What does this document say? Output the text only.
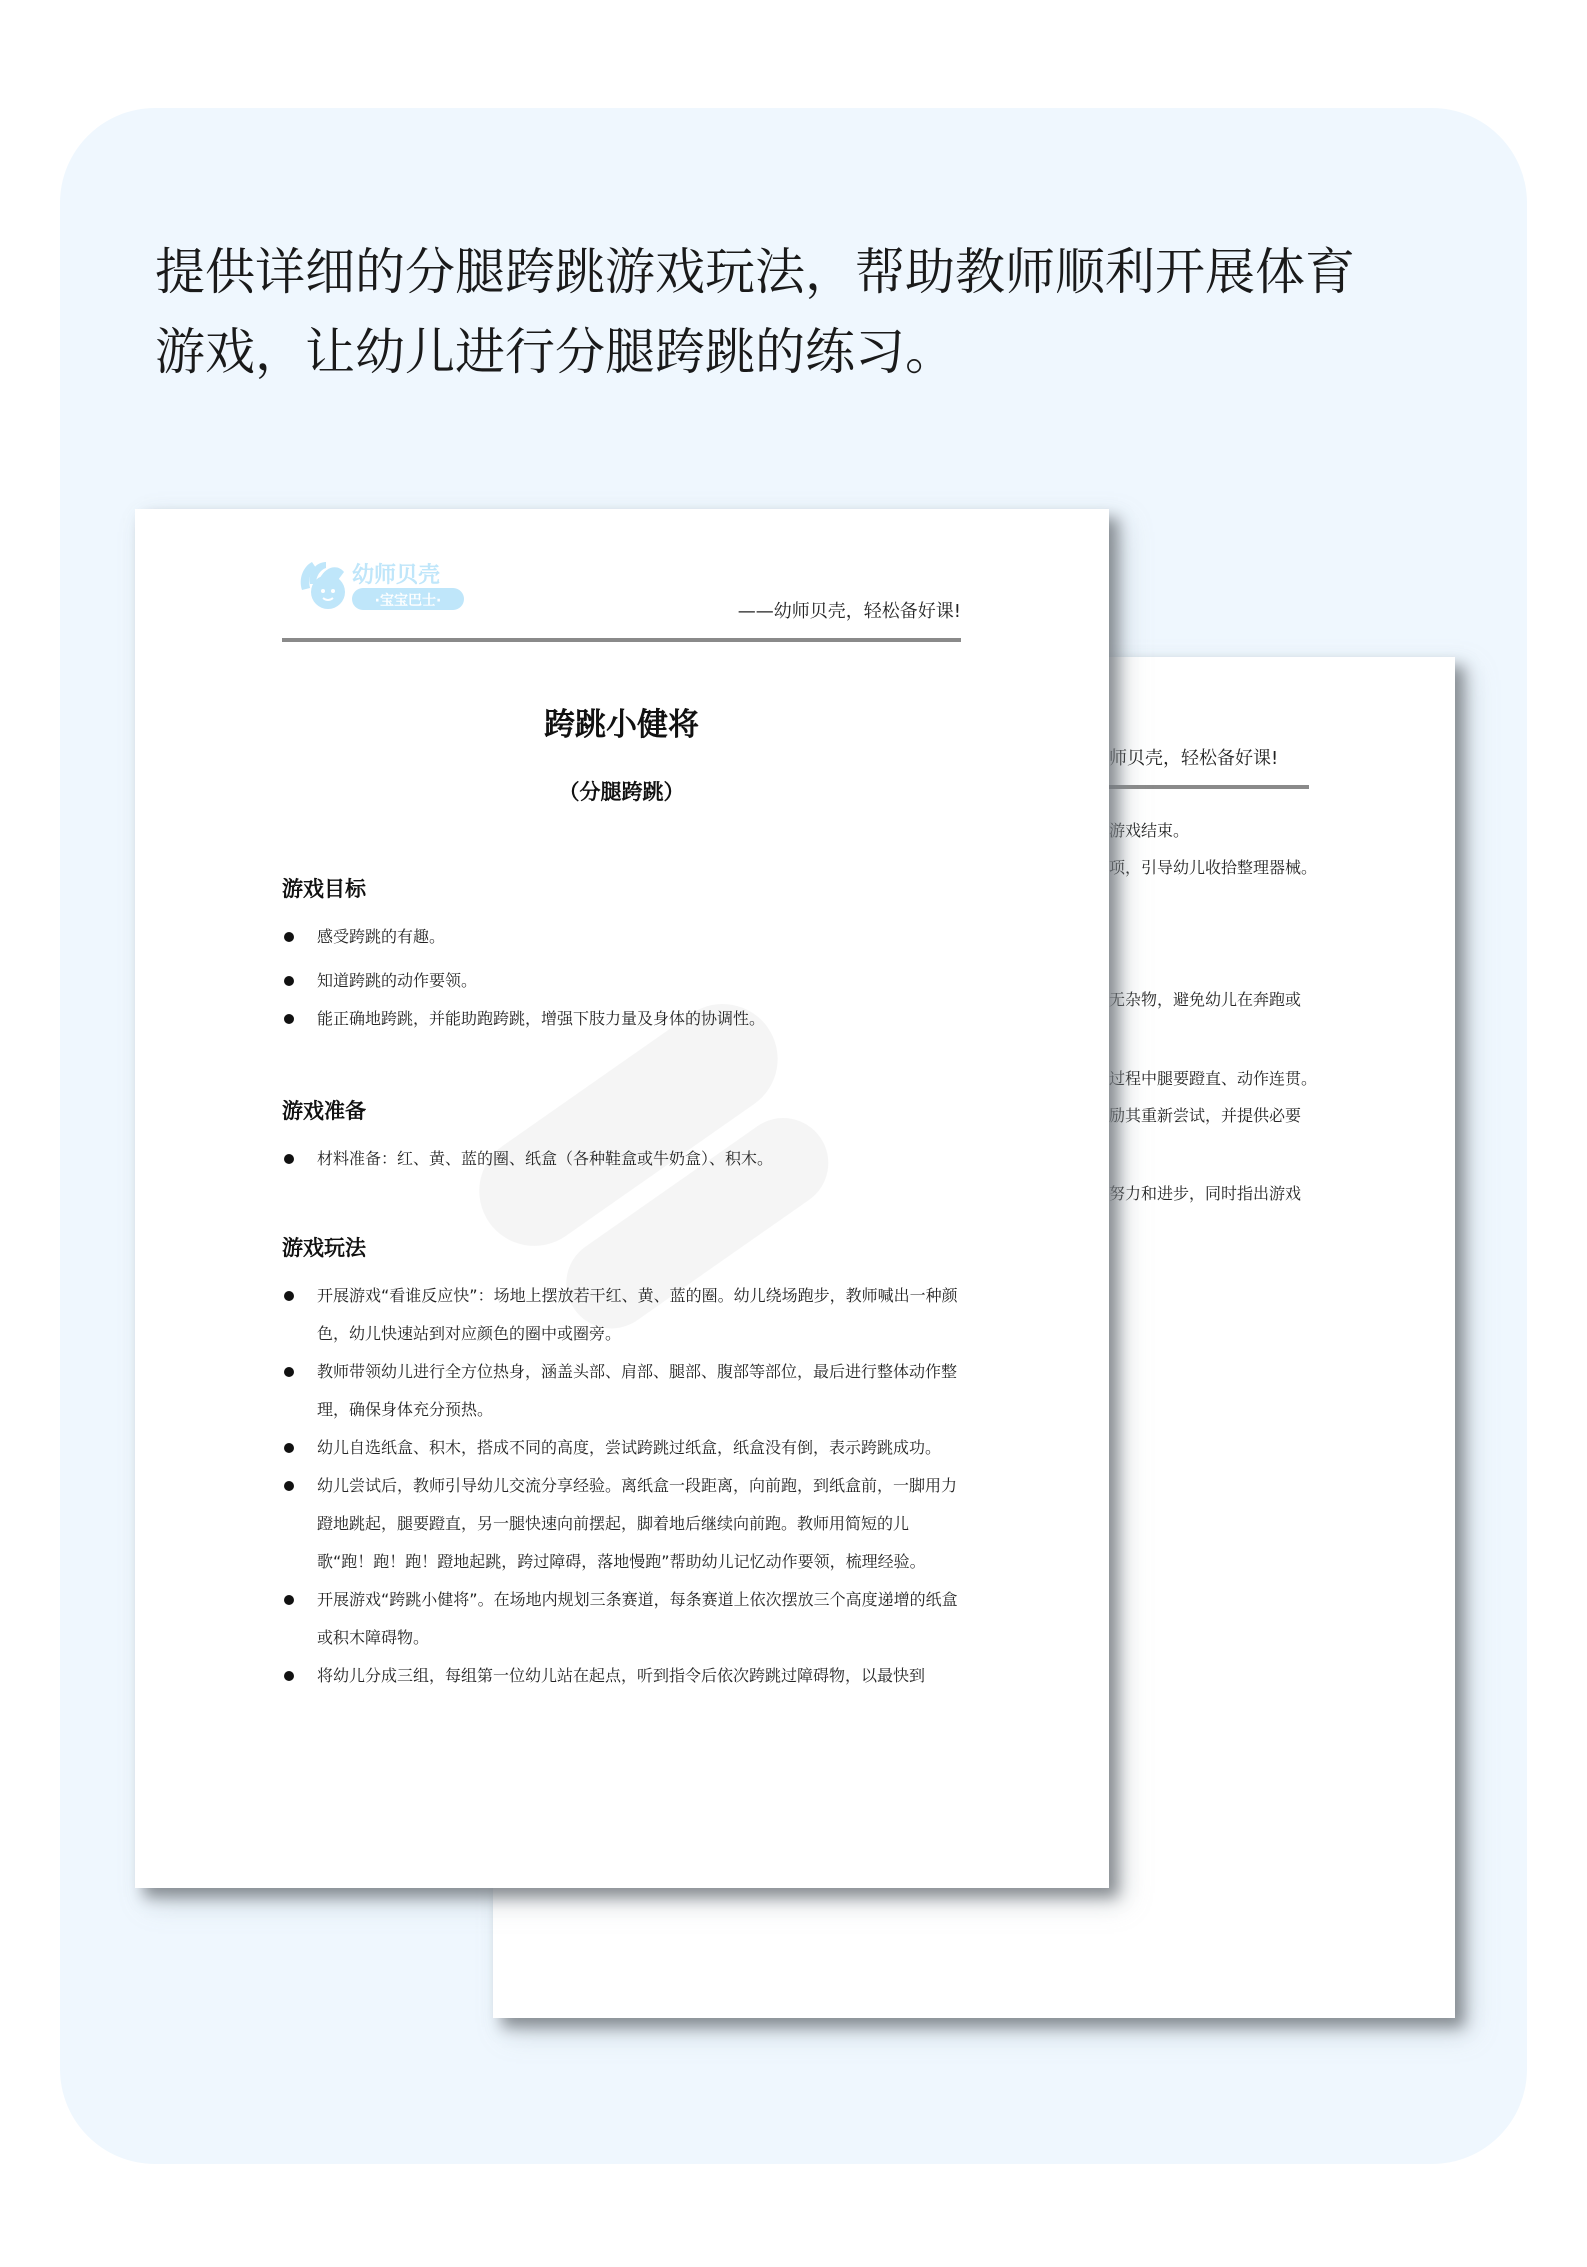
提供详细的分腿跨跳游戏玩法，帮助教师顺利开展体育
游戏，让幼儿进行分腿跨跳的练习。
师贝壳，轻松备好课!
游戏结束。
项，引导幼儿收拾整理器械。
无杂物，避免幼儿在奔跑或
过程中腿要蹬直、动作连贯。
励其重新尝试，并提供必要
努力和进步，同时指出游戏
幼师贝壳
·宝宝巴士·	——幼师贝壳，轻松备好课!
跨跳小健将
（分腿跨跳）
游戏目标
感受跨跳的有趣。
知道跨跳的动作要领。
能正确地跨跳，并能助跑跨跳，增强下肢力量及身体的协调性。
游戏准备
材料准备：红、黄、蓝的圈、纸盒（各种鞋盒或牛奶盒）、积木。
游戏玩法
开展游戏“看谁反应快”：场地上摆放若干红、黄、蓝的圈。幼儿绕场跑步，教师喊出一种颜色，幼儿快速站到对应颜色的圈中或圈旁。
教师带领幼儿进行全方位热身，涵盖头部、肩部、腿部、腹部等部位，最后进行整体动作整理，确保身体充分预热。
幼儿自选纸盒、积木，搭成不同的高度，尝试跨跳过纸盒，纸盒没有倒，表示跨跳成功。
幼儿尝试后，教师引导幼儿交流分享经验。离纸盒一段距离，向前跑，到纸盒前，一脚用力蹬地跳起，腿要蹬直，另一腿快速向前摆起，脚着地后继续向前跑。教师用简短的儿歌“跑！跑！跑！蹬地起跳，跨过障碍，落地慢跑”帮助幼儿记忆动作要领，梳理经验。
开展游戏“跨跳小健将”。在场地内规划三条赛道，每条赛道上依次摆放三个高度递增的纸盒或积木障碍物。
将幼儿分成三组，每组第一位幼儿站在起点，听到指令后依次跨跳过障碍物，以最快到
